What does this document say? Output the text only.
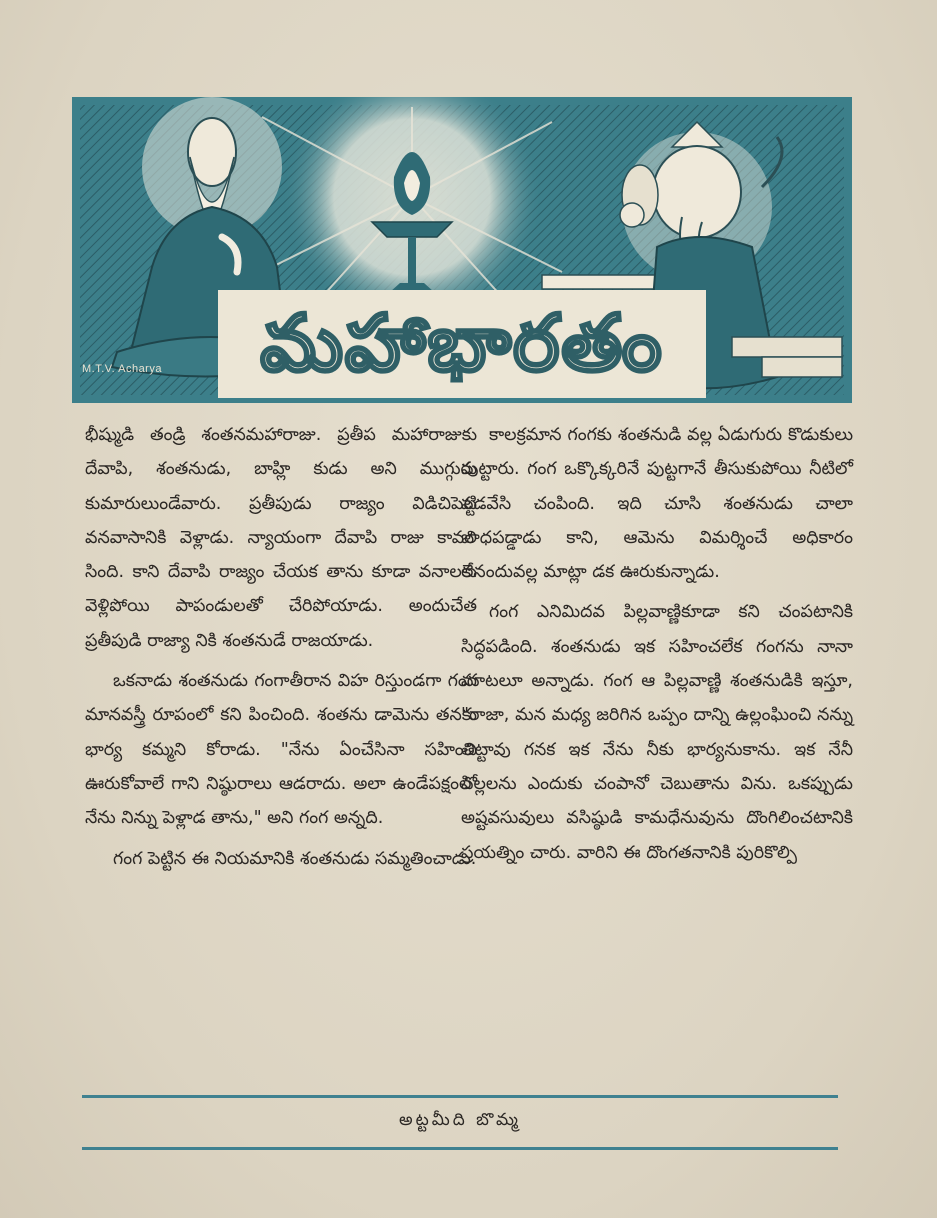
M.T.V. Acharya మహాభారతం

భీష్ముడి తండ్రి శంతనమహారాజు. ప్రతీప మహారాజుకు దేవాపి, శంతనుడు, బాహ్లి కుడు అని ముగ్గురు కుమారులుండేవారు. ప్రతీపుడు రాజ్యం విడిచిపెట్టి వనవాసానికి వెళ్లాడు. న్యాయంగా దేవాపి రాజు కావలి సింది. కాని దేవాపి రాజ్యం చేయక తాను కూడా వనాలకు వెళ్లిపోయి పాపండులతో చేరిపోయాడు. అందుచేత ప్రతీపుడి రాజ్యా నికి శంతనుడే రాజయాడు.

ఒకనాడు శంతనుడు గంగాతీరాన విహ రిస్తుండగా గంగ మానవస్త్రీ రూపంలో కని పించింది. శంతను డామెను తనకు భార్య కమ్మని కోరాడు. "నేను ఏంచేసినా సహించి ఊరుకోవాలే గాని నిష్ఠురాలు ఆడరాదు. అలా ఉండేపక్షంలో నేను నిన్ను పెళ్లాడ తాను," అని గంగ అన్నది.

గంగ పెట్టిన ఈ నియమానికి శంతనుడు సమ్మతించాడు.

కాలక్రమాన గంగకు శంతనుడి వల్ల ఏడుగురు కొడుకులు పుట్టారు. గంగ ఒక్కొక్కరినే పుట్టగానే తీసుకుపోయి నీటిలో పడవేసి చంపింది. ఇది చూసి శంతనుడు చాలా బాధపడ్డాడు కాని, ఆమెను విమర్శించే అధికారం లేనందువల్ల మాట్లా డక ఊరుకున్నాడు.

గంగ ఎనిమిదవ పిల్లవాణ్ణికూడా కని చంపటానికి సిద్ధపడింది. శంతనుడు ఇక సహించలేక గంగను నానా మాటలూ అన్నాడు. గంగ ఆ పిల్లవాణ్ణి శంతనుడికి ఇస్తూ, "రాజా, మన మధ్య జరిగిన ఒప్పం దాన్ని ఉల్లంఘించి నన్ను తిట్టావు గనక ఇక నేను నీకు భార్యనుకాను. ఇక నేనీ పిల్లలను ఎందుకు చంపానో చెబుతాను విను. ఒకప్పుడు అష్టవసువులు వసిష్ఠుడి కామధేనువును దొంగిలించటానికి ప్రయత్నిం చారు. వారిని ఈ దొంగతనానికి పురికొల్పి

అట్టమీది బొమ్మ
